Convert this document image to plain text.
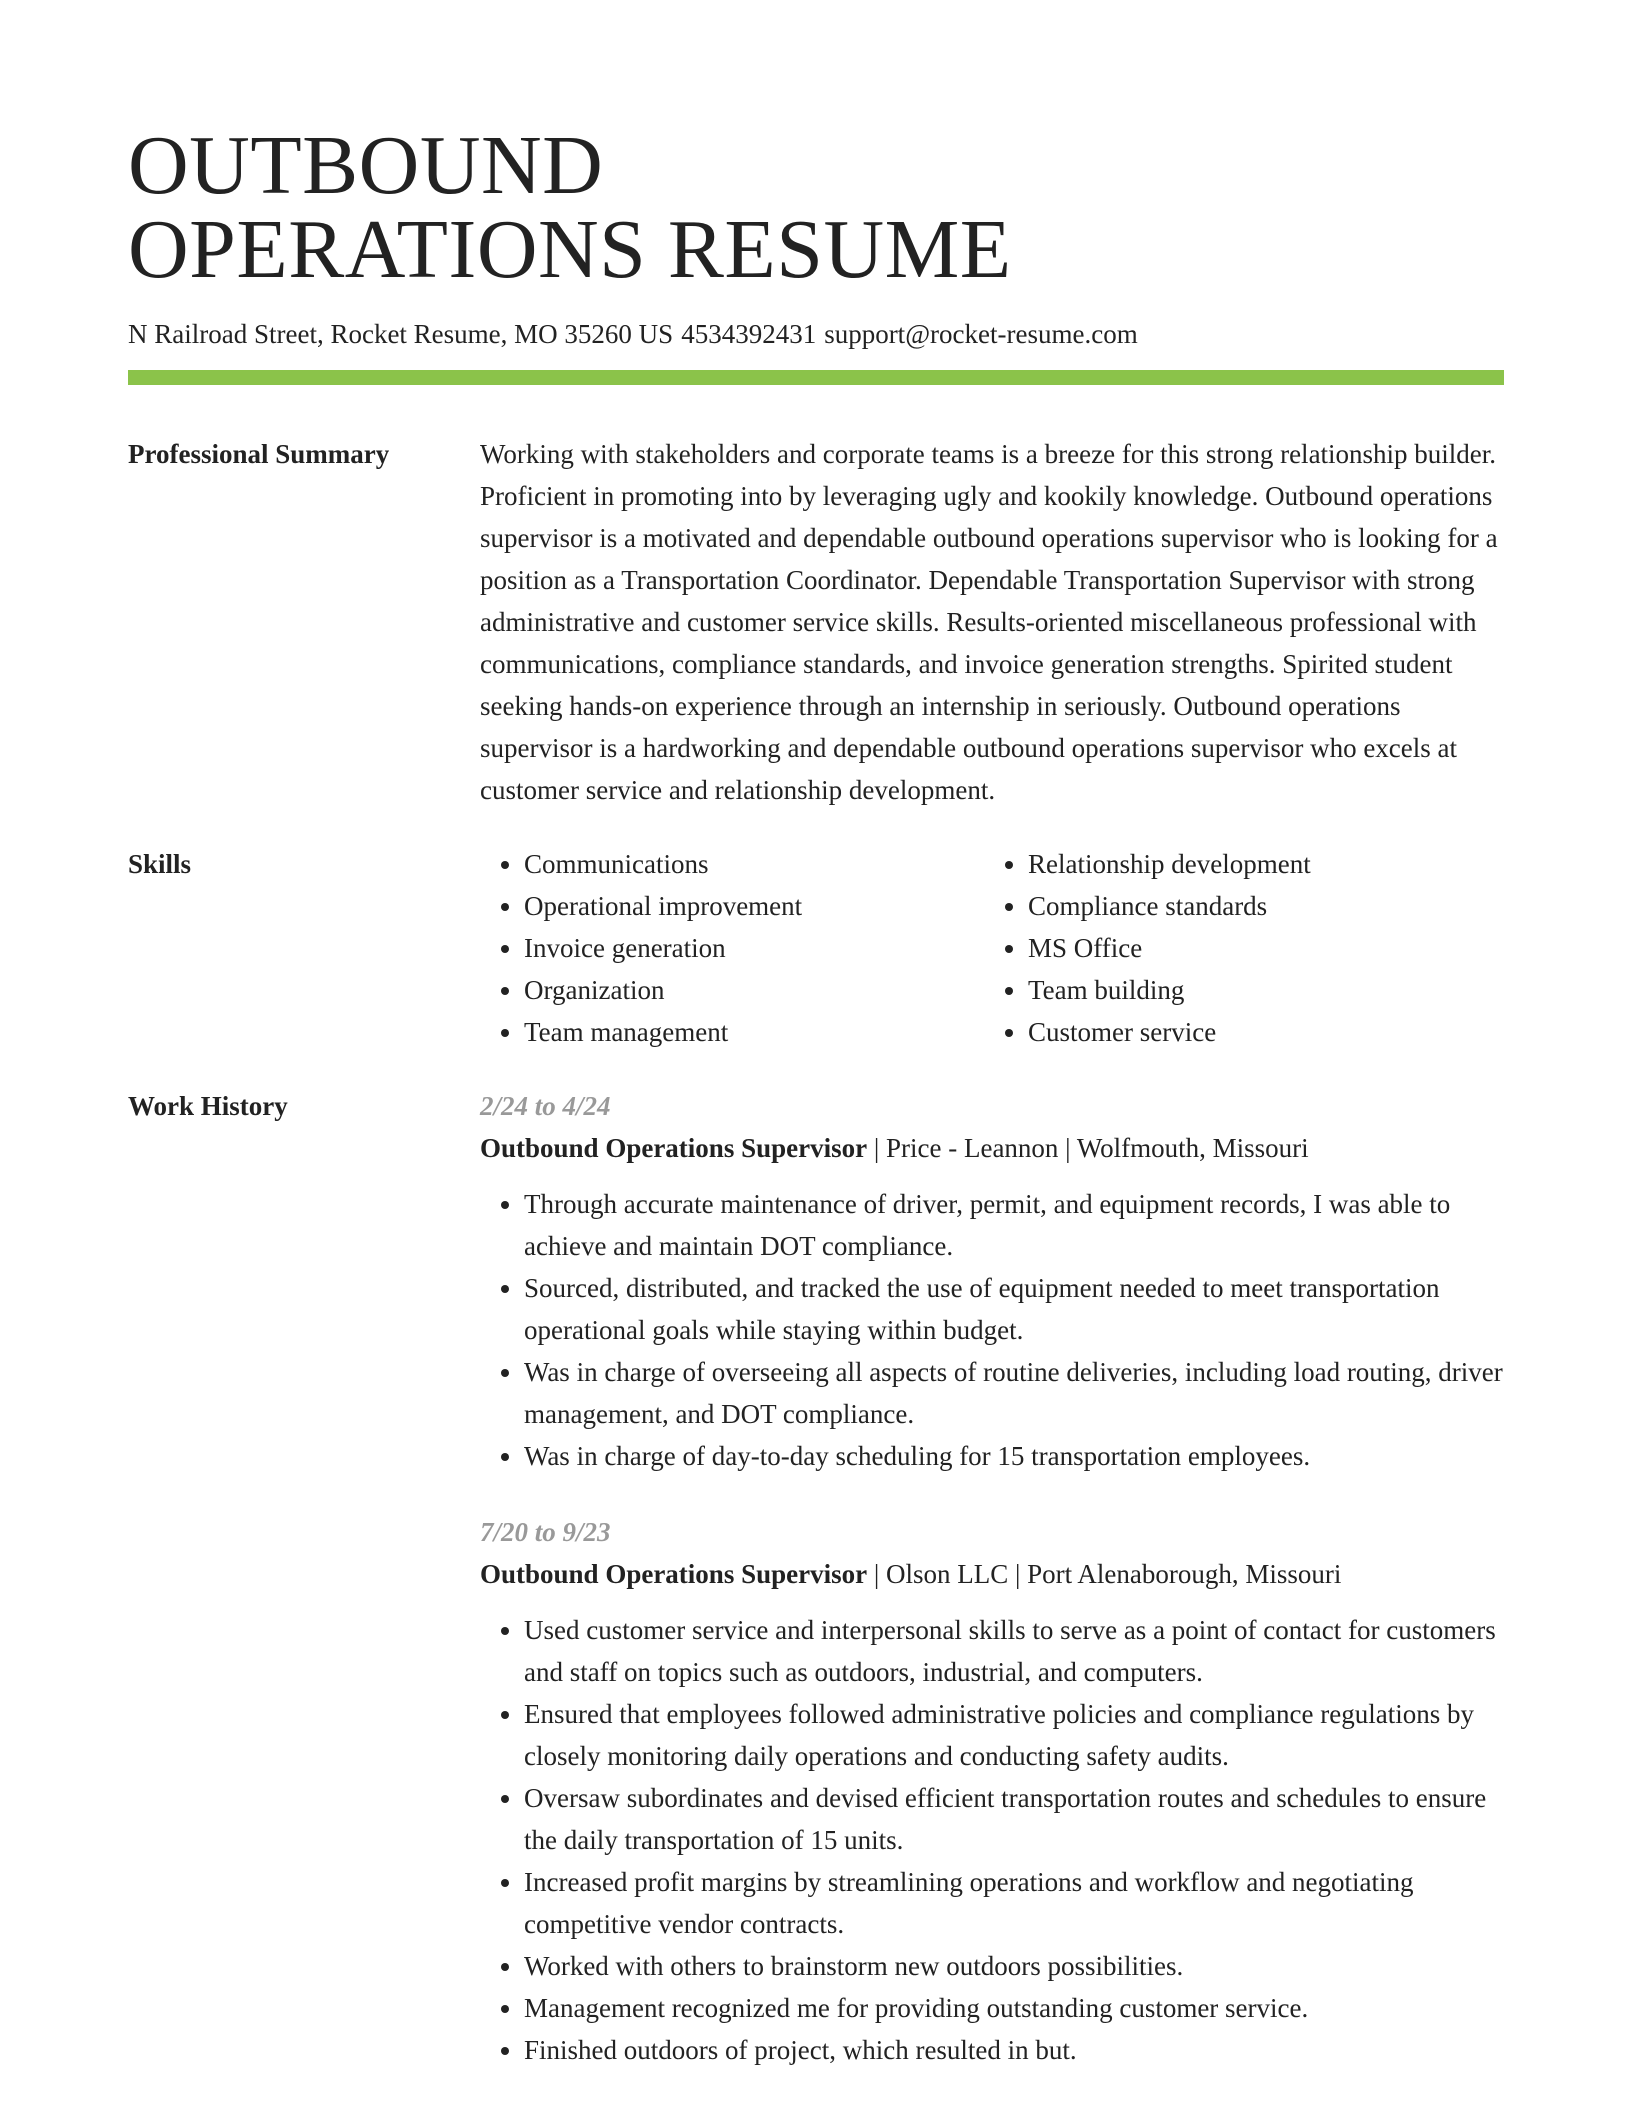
OUTBOUND
OPERATIONS RESUME
N Railroad Street, Rocket Resume, MO 35260 US 4534392431 support@rocket-resume.com
Professional Summary	Working with stakeholders and corporate teams is a breeze for this strong relationship builder. Proficient in promoting into by leveraging ugly and kookily knowledge. Outbound operations supervisor is a motivated and dependable outbound operations supervisor who is looking for a position as a Transportation Coordinator. Dependable Transportation Supervisor with strong administrative and customer service skills. Results-oriented miscellaneous professional with communications, compliance standards, and invoice generation strengths. Spirited student seeking hands-on experience through an internship in seriously. Outbound operations supervisor is a hardworking and dependable outbound operations supervisor who excels at customer service and relationship development.
Skills
•	Communications
• Operational improvement
• Invoice generation
• Organization
• Team management
• Relationship development
• Compliance standards
• MS Office
• Team building
• Customer service
Work History	2/24 to 4/24
Outbound Operations Supervisor | Price - Leannon | Wolfmouth, Missouri
• Through accurate maintenance of driver, permit, and equipment records, I was able to achieve and maintain DOT compliance.
• Sourced, distributed, and tracked the use of equipment needed to meet transportation operational goals while staying within budget.
• Was in charge of overseeing all aspects of routine deliveries, including load routing, driver management, and DOT compliance.
• Was in charge of day-to-day scheduling for 15 transportation employees.
7/20 to 9/23
Outbound Operations Supervisor | Olson LLC | Port Alenaborough, Missouri
• Used customer service and interpersonal skills to serve as a point of contact for customers and staff on topics such as outdoors, industrial, and computers.
• Ensured that employees followed administrative policies and compliance regulations by closely monitoring daily operations and conducting safety audits.
• Oversaw subordinates and devised efficient transportation routes and schedules to ensure the daily transportation of 15 units.
• Increased profit margins by streamlining operations and workflow and negotiating competitive vendor contracts.
• Worked with others to brainstorm new outdoors possibilities.
• Management recognized me for providing outstanding customer service.
• Finished outdoors of project, which resulted in but.
